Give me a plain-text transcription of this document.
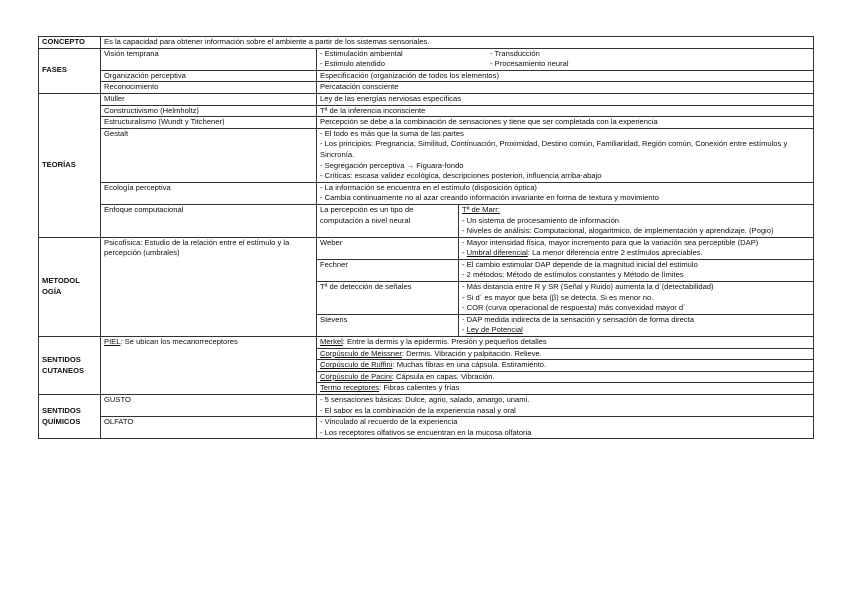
CONCEPTO	Es la capacidad para obtener información sobre el ambiente a partir de los sistemas sensoriales.		
FASES	Visión temprana	- Estimulación ambiental - Transducción
- Estimulo atendido - Procesamiento neural	

	Organización perceptiva	Especificación (organización de todos los elementos)	
	Reconocimiento	Percatación consciente	
TEORÍAS	Müller	Ley de las energías nerviosas específicas	
	Constructivismo (Helmholtz)	Tª de la inferencia inconsciente	
	Estructuralismo (Wundt y Titchener)	Percepción se debe a la combinación de sensaciones y tiene que ser completada con la experiencia	
	Gestalt	- El todo es más que la suma de las partes
- Los principios: Pregnancia, Similitud, Continuación, Proximidad, Destino común, Familiaridad, Región común, Conexión entre estímulos y Sincronía.
- Segregación perceptiva → Figuara-fondo
- Críticas: escasa validez ecológica, descripciones posteriori, influencia arriba-abajo	

	Ecología perceptiva	- La información se encuentra en el estímulo (disposición óptica)
- Cambia continuamente no al azar creando información invariante en forma de textura y movimiento	

	Enfoque computacional	La percepción es un tipo de computación a nivel neural	Tª de Marr:
- Un sistema de procesamiento de información
- Niveles de análisis: Computacional, alogaritmico, de implementación y aprendizaje. (Pogio)

METODOL OGÍA	Psicofísica: Estudio de la relación entre el estímulo y la percepción (umbrales)	Weber	- Mayor intensidad física, mayor incremento para que la variación sea perceptible (DAP)
- Umbral diferencial: La menor diferencia entre 2 estímulos apreciables.

		Fechner	- El cambio estimular DAP depende de la magnitud inicial del estimulo
- 2 métodos: Método de estímulos constantes y Método de límites

		Tª de detección de señales	- Más distancia entre R y SR (Señal y Ruido) aumenta la d´(detectabilidad)
- Si d´ es mayor que beta (β) se detecta. Si es menor no.
- COR (curva operacional de respuesta) más convexidad mayor d´

		Stevens	- DAP medida indirecta de la sensación y sensación de forma directa
- Ley de Potencial

SENTIDOS CUTANEOS	PIEL: Se ubican los mecanorreceptores	Merkel: Entre la dermis y la epidermis. Presión y pequeños detalles	
		Corpúsculo de Meissner: Dermis. Vibración y palpitación. Relieve.	
		Corpúsculo de Ruffini: Muchas fibras en una cápsula. Estiramiento.	
		Corpúsculo de Pacini: Cápsula en capas. Vibración.	
		Termo receptores: Fibras calientes y frías	
SENTIDOS QUÍMICOS	GUSTO	- 5 sensaciones básicas: Dulce, agrio, salado, amargo, unami.
- El sabor es la combinación de la experiencia nasal y oral	

	OLFATO	- Vinculado al recuerdo de la experiencia
- Los receptores olfativos se encuentran en la mucosa olfatoria	
